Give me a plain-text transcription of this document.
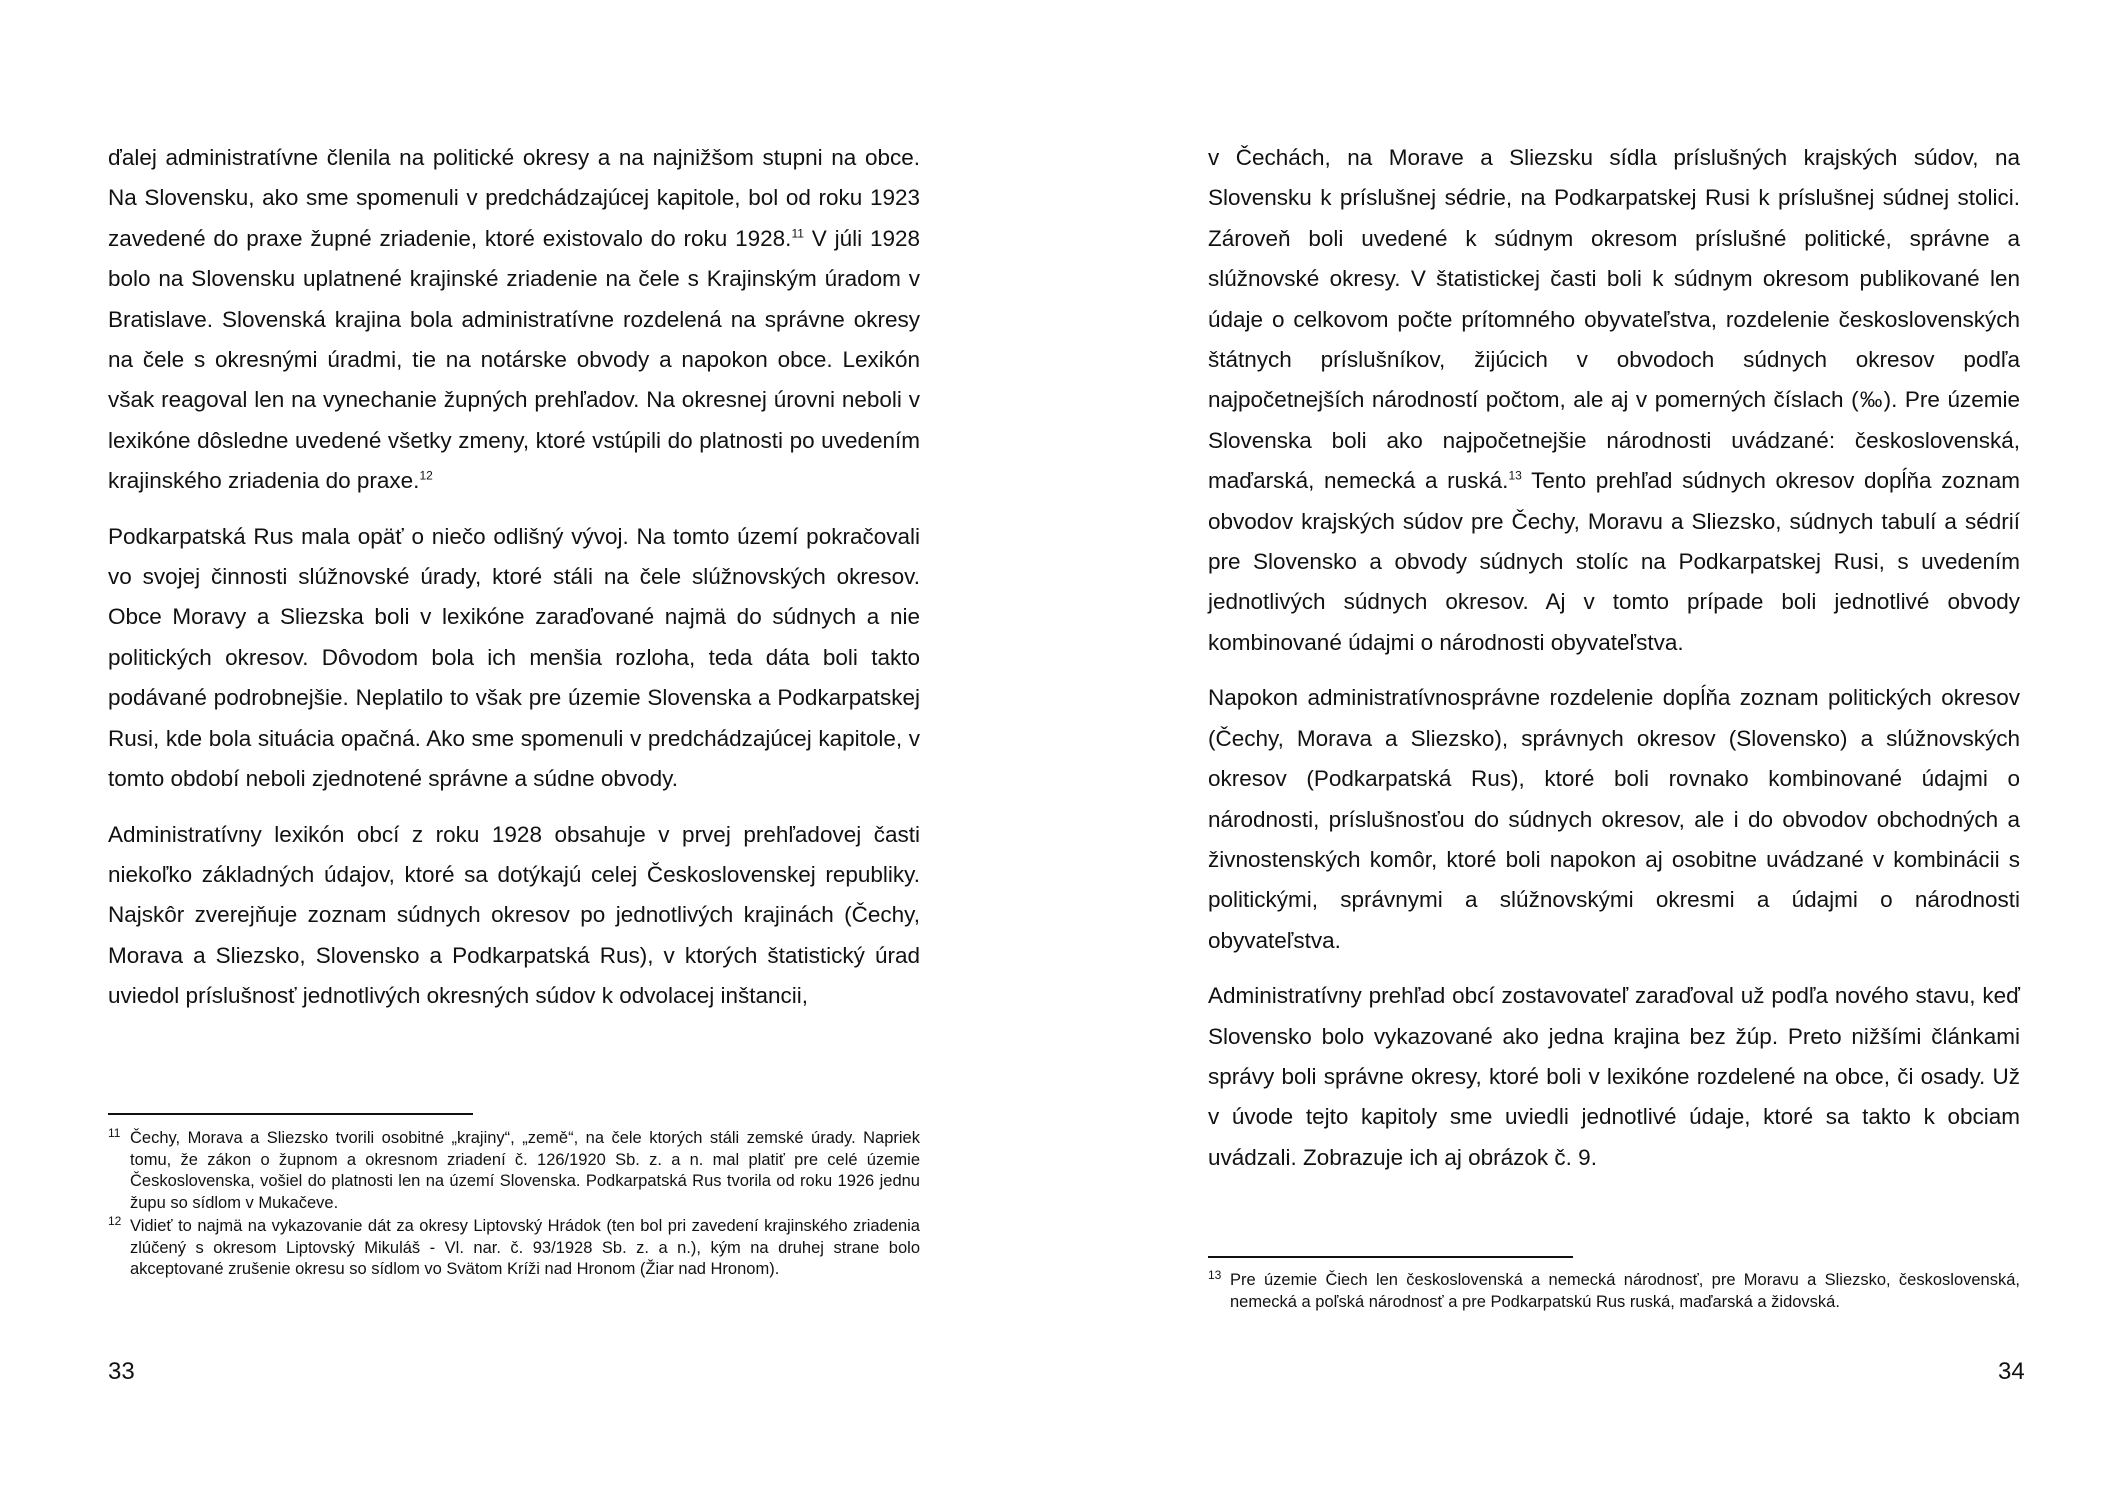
ďalej administratívne členila na politické okresy a na najnižšom stupni na obce. Na Slovensku, ako sme spomenuli v predchádzajúcej kapitole, bol od roku 1923 zavedené do praxe župné zriadenie, ktoré existovalo do roku 1928.11 V júli 1928 bolo na Slovensku uplatnené krajinské zriadenie na čele s Krajinským úradom v Bratislave. Slovenská krajina bola administratívne rozdelená na správne okresy na čele s okresnými úradmi, tie na notárske obvody a napokon obce. Lexikón však reagoval len na vynechanie župných prehľadov. Na okresnej úrovni neboli v lexikóne dôsledne uvedené všetky zmeny, ktoré vstúpili do platnosti po uvedením krajinského zriadenia do praxe.$^{12}$

Podkarpatská Rus mala opäť o niečo odlišný vývoj. Na tomto území pokračovali vo svojej činnosti slúžnovské úrady, ktoré stáli na čele slúžnovských okresov. Obce Moravy a Sliezska boli v lexikóne zaraďované najmä do súdnych a nie politických okresov. Dôvodom bola ich menšia rozloha, teda dáta boli takto podávané podrobnejšie. Neplatilo to však pre územie Slovenska a Podkarpatskej Rusi, kde bola situácia opačná. Ako sme spomenuli v predchádzajúcej kapitole, v tomto období neboli zjednotené správne a súdne obvody.

Administratívny lexikón obcí z roku 1928 obsahuje v prvej prehľadovej časti niekoľko základných údajov, ktoré sa dotýkajú celej Československej republiky. Najskôr zverejňuje zoznam súdnych okresov po jednotlivých krajinách (Čechy, Morava a Sliezsko, Slovensko a Podkarpatská Rus), v ktorých štatistický úrad uviedol príslušnosť jednotlivých okresných súdov k odvolacej inštancii,

$^{11}$ Čechy, Morava a Sliezsko tvorili osobitné „krajiny“, „země“, na čele ktorých stáli zemské úrady. Napriek tomu, že zákon o župnom a okresnom zriadení č. 126/1920 Sb. z. a n. mal platiť pre celé územie Československa, vošiel do platnosti len na území Slovenska. Podkarpatská Rus tvorila od roku 1926 jednu župu so sídlom v Mukačeve.

$^{12}$ Vidieť to najmä na vykazovanie dát za okresy Liptovský Hrádok (ten bol pri zavedení krajinského zriadenia zlúčený s okresom Liptovský Mikuláš - Vl. nar. č. 93/1928 Sb. z. a n.), kým na druhej strane bolo akceptované zrušenie okresu so sídlom vo Svätom Kríži nad Hronom (Žiar nad Hronom).

33

v Čechách, na Morave a Sliezsku sídla príslušných krajských súdov, na Slovensku k príslušnej sédrie, na Podkarpatskej Rusi k príslušnej súdnej stolici. Zároveň boli uvedené k súdnym okresom príslušné politické, správne a slúžnovské okresy. V štatistickej časti boli k súdnym okresom publikované len údaje o celkovom počte prítomného obyvateľstva, rozdelenie československých štátnych príslušníkov, žijúcich v obvodoch súdnych okresov podľa najpočetnejších národností počtom, ale aj v pomerných číslach (‰). Pre územie Slovenska boli ako najpočetnejšie národnosti uvádzané: československá, maďarská, nemecká a ruská.$^{13}$ Tento prehľad súdnych okresov dopĺňa zoznam obvodov krajských súdov pre Čechy, Moravu a Sliezsko, súdnych tabulí a sédrií pre Slovensko a obvody súdnych stolíc na Podkarpatskej Rusi, s uvedením jednotlivých súdnych okresov. Aj v tomto prípade boli jednotlivé obvody kombinované údajmi o národnosti obyvateľstva.

Napokon administratívnosprávne rozdelenie dopĺňa zoznam politických okresov (Čechy, Morava a Sliezsko), správnych okresov (Slovensko) a slúžnovských okresov (Podkarpatská Rus), ktoré boli rovnako kombinované údajmi o národnosti, príslušnosťou do súdnych okresov, ale i do obvodov obchodných a živnostenských komôr, ktoré boli napokon aj osobitne uvádzané v kombinácii s politickými, správnymi a slúžnovskými okresmi a údajmi o národnosti obyvateľstva.

Administratívny prehľad obcí zostavovateľ zaraďoval už podľa nového stavu, keď Slovensko bolo vykazované ako jedna krajina bez žúp. Preto nižšími článkami správy boli správne okresy, ktoré boli v lexikóne rozdelené na obce, či osady. Už v úvode tejto kapitoly sme uviedli jednotlivé údaje, ktoré sa takto k obciam uvádzali. Zobrazuje ich aj obrázok č. 9.

$^{13}$ Pre územie Čiech len československá a nemecká národnosť, pre Moravu a Sliezsko, československá, nemecká a poľská národnosť a pre Podkarpatskú Rus ruská, maďarská a židovská.

34
